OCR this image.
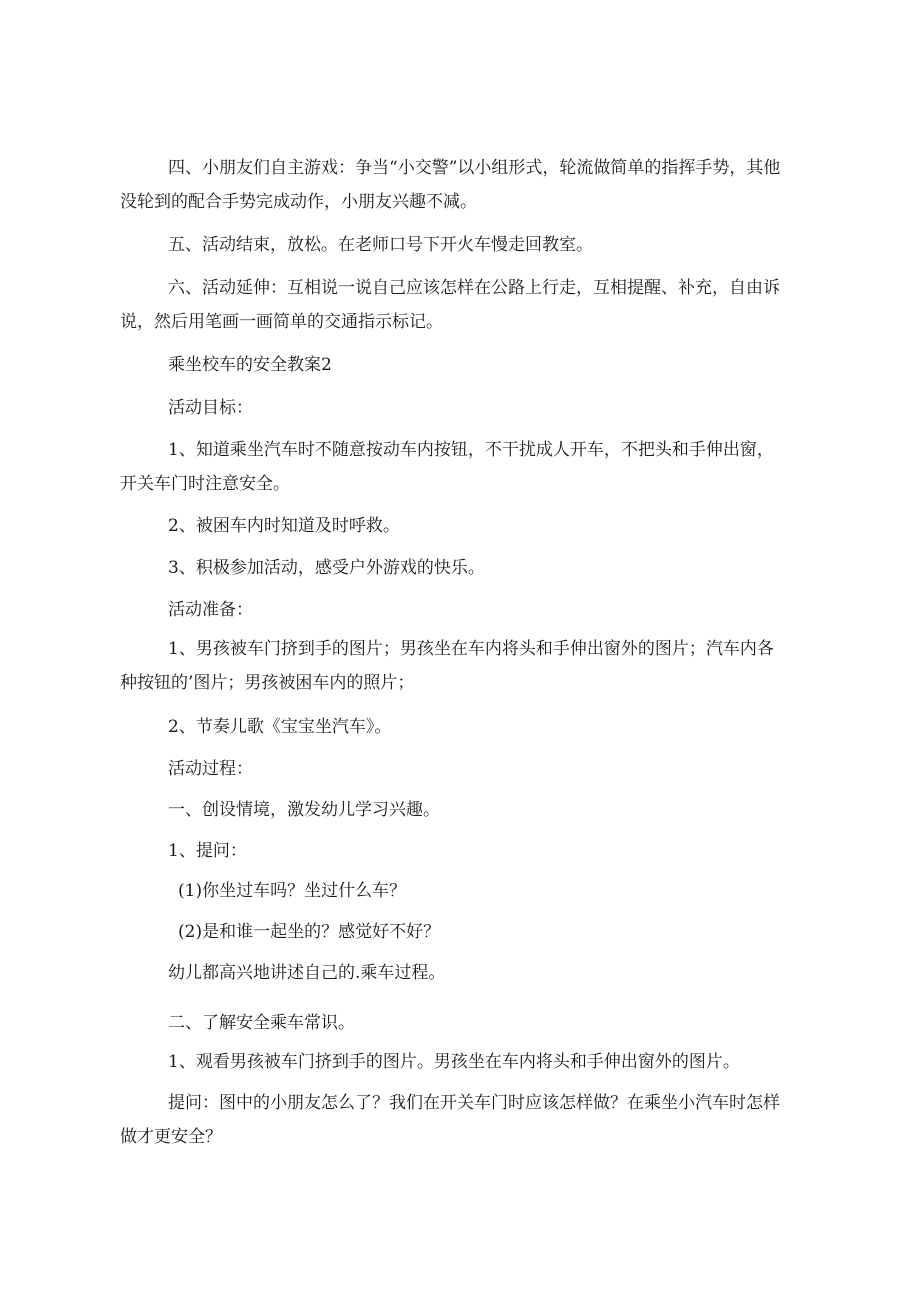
四、小朋友们自主游戏：争当“小交警”以小组形式，轮流做简单的指挥手势，其他没轮到的配合手势完成动作，小朋友兴趣不减。

五、活动结束，放松。在老师口号下开火车慢走回教室。

六、活动延伸：互相说一说自己应该怎样在公路上行走，互相提醒、补充，自由诉说，然后用笔画一画简单的交通指示标记。

乘坐校车的安全教案2

活动目标：

1、知道乘坐汽车时不随意按动车内按钮，不干扰成人开车，不把头和手伸出窗，开关车门时注意安全。

2、被困车内时知道及时呼救。

3、积极参加活动，感受户外游戏的快乐。

活动准备：

1、男孩被车门挤到手的图片；男孩坐在车内将头和手伸出窗外的图片；汽车内各种按钮的’图片；男孩被困车内的照片；

2、节奏儿歌《宝宝坐汽车》。

活动过程：

一、创设情境，激发幼儿学习兴趣。

1、提问：

(1)你坐过车吗？坐过什么车？

(2)是和谁一起坐的？感觉好不好？

幼儿都高兴地讲述自己的.乘车过程。

二、了解安全乘车常识。

1、观看男孩被车门挤到手的图片。男孩坐在车内将头和手伸出窗外的图片。

提问：图中的小朋友怎么了？我们在开关车门时应该怎样做？在乘坐小汽车时怎样做才更安全？
